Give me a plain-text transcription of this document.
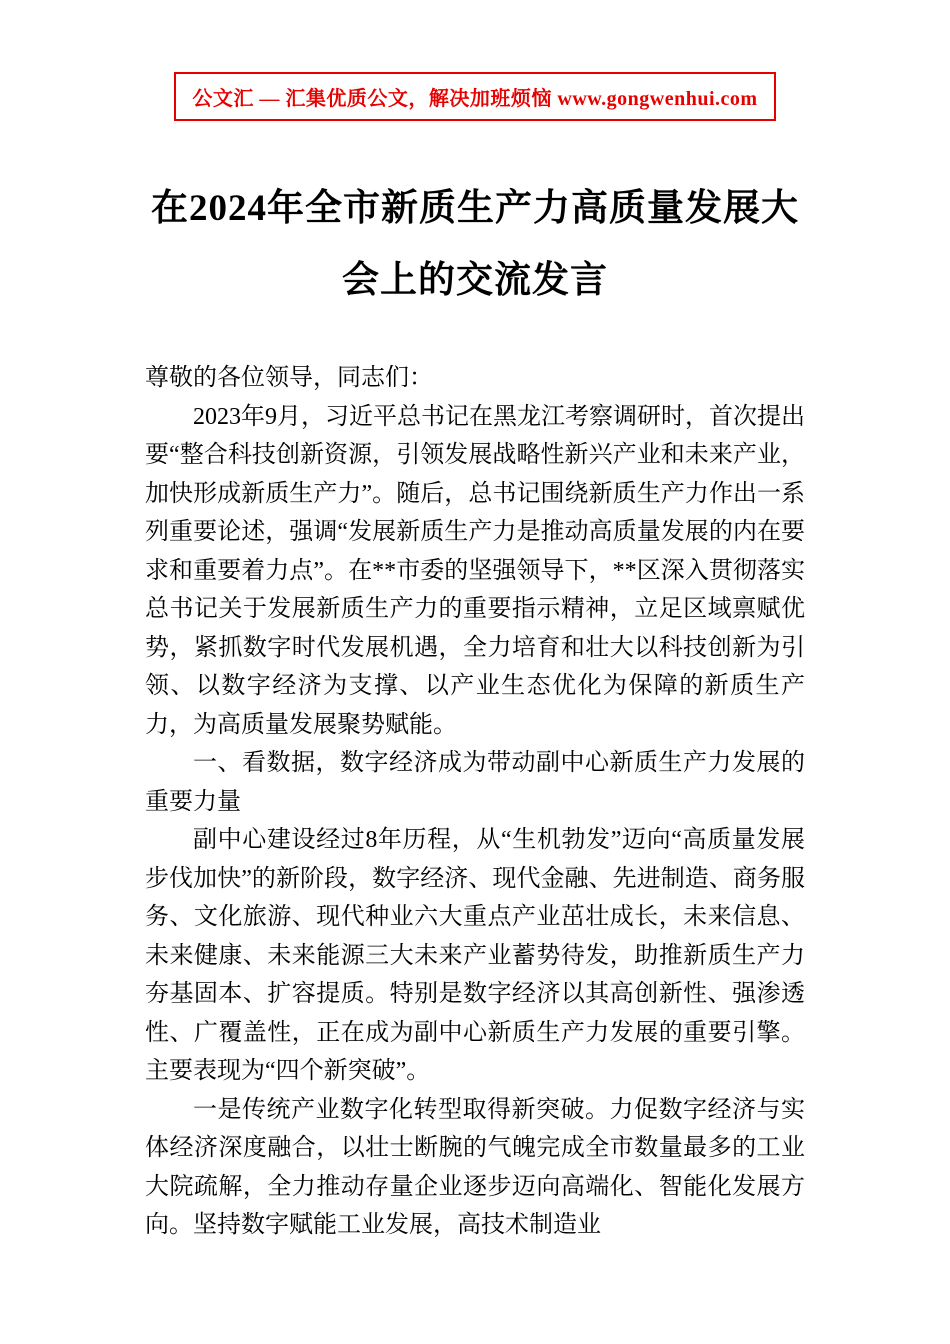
公文汇 — 汇集优质公文，解决加班烦恼 www.gongwenhui.com
在2024年全市新质生产力高质量发展大会上的交流发言

尊敬的各位领导，同志们：

2023年9月，习近平总书记在黑龙江考察调研时，首次提出要“整合科技创新资源，引领发展战略性新兴产业和未来产业，加快形成新质生产力”。随后，总书记围绕新质生产力作出一系列重要论述，强调“发展新质生产力是推动高质量发展的内在要求和重要着力点”。在**市委的坚强领导下，**区深入贯彻落实总书记关于发展新质生产力的重要指示精神，立足区域禀赋优势，紧抓数字时代发展机遇，全力培育和壮大以科技创新为引领、以数字经济为支撑、以产业生态优化为保障的新质生产力，为高质量发展聚势赋能。

一、看数据，数字经济成为带动副中心新质生产力发展的重要力量

副中心建设经过8年历程，从“生机勃发”迈向“高质量发展步伐加快”的新阶段，数字经济、现代金融、先进制造、商务服务、文化旅游、现代种业六大重点产业茁壮成长，未来信息、未来健康、未来能源三大未来产业蓄势待发，助推新质生产力夯基固本、扩容提质。特别是数字经济以其高创新性、强渗透性、广覆盖性，正在成为副中心新质生产力发展的重要引擎。主要表现为“四个新突破”。

一是传统产业数字化转型取得新突破。力促数字经济与实体经济深度融合，以壮士断腕的气魄完成全市数量最多的工业大院疏解，全力推动存量企业逐步迈向高端化、智能化发展方向。坚持数字赋能工业发展，高技术制造业
